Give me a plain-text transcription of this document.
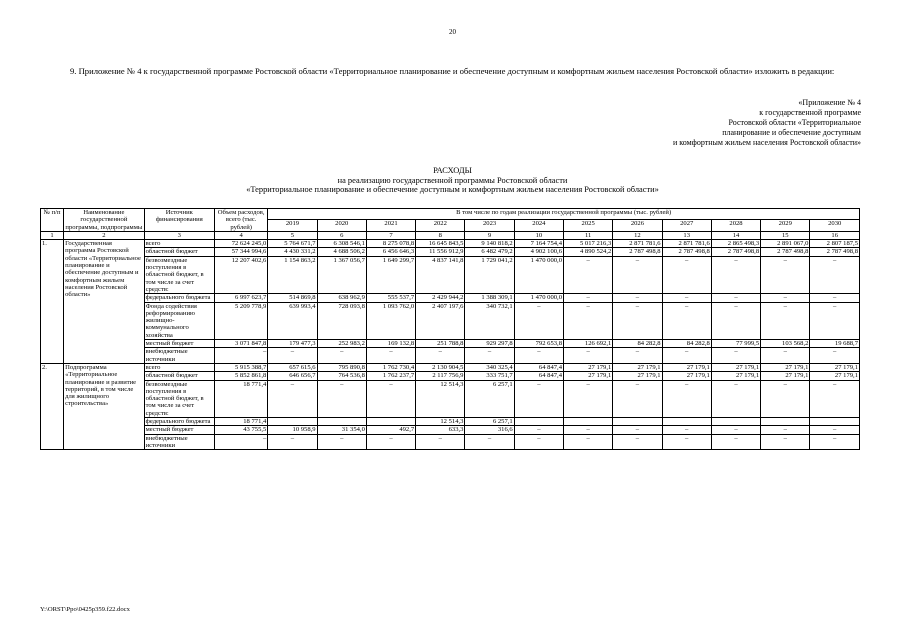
20
9. Приложение № 4 к государственной программе Ростовской области «Территориальное планирование и обеспечение доступным и комфортным жильем населения Ростовской области» изложить в редакции:
«Приложение № 4
к государственной программе
Ростовской области «Территориальное
планирование и обеспечение доступным
и комфортным жильем населения Ростовской области»
РАСХОДЫ
на реализацию государственной программы Ростовской области
«Территориальное планирование и обеспечение доступным и комфортным жильем населения Ростовской области»
№ п/п	Наименование государственной программы, подпрограммы	Источник финансирования	Объем расходов, всего (тыс. рублей)	В том числе по годам реализации государственной программы (тыс. рублей)											
				2019	2020	2021	2022	2023	2024	2025	2026	2027	2028	2029	2030
1	2	3	4	5	6	7	8	9	10	11	12	13	14	15	16
1.	Государственная программа Ростовской области «Территориальное планирование и обеспечение доступным и комфортным жильем населения Ростовской области»	всего	72 624 245,0	5 764 671,7	6 308 546,1	8 275 078,8	16 645 843,5	9 140 818,2	7 164 754,4	5 017 216,3	2 871 781,6	2 871 781,6	2 865 498,3	2 891 067,0	2 807 187,5
		областной бюджет	57 344 994,6	4 430 331,2	4 688 506,2	6 456 646,3	11 556 912,9	6 482 479,2	4 902 100,6	4 890 524,2	2 787 498,8	2 787 498,8	2 787 498,8	2 787 498,8	2 787 498,8
		безвозмездные поступления в областной бюджет, в том числе за счет средств:	12 207 402,6	1 154 863,2	1 367 056,7	1 649 299,7	4 837 141,8	1 729 041,2	1 470 000,0	–	–	–	–	–	–
		федерального бюджета	6 997 623,7	514 869,8	638 962,9	555 537,7	2 429 944,2	1 388 309,1	1 470 000,0	–	–	–	–	–	–
		Фонда содействия реформированию жилищно-коммунального хозяйства	5 209 778,9	639 993,4	728 093,8	1 093 762,0	2 407 197,6	340 732,1	–	–	–	–	–	–	–
		местный бюджет	3 071 847,8	179 477,3	252 983,2	169 132,8	251 788,8	929 297,8	792 653,8	126 692,1	84 282,8	84 282,8	77 999,5	103 568,2	19 688,7
		внебюджетные источники	–	–	–	–	–	–	–	–	–	–	–	–	–
2.	Подпрограмма «Территориальное планирование и развитие территорий, в том числе для жилищного строительства»	всего	5 915 388,7	657 615,6	795 890,8	1 762 730,4	2 130 904,5	340 325,4	64 847,4	27 179,1	27 179,1	27 179,1	27 179,1	27 179,1	27 179,1
		областной бюджет	5 852 861,8	646 656,7	764 536,8	1 762 237,7	2 117 756,9	333 751,7	64 847,4	27 179,1	27 179,1	27 179,1	27 179,1	27 179,1	27 179,1
		безвозмездные поступления в областной бюджет, в том числе за счет средств:	18 771,4	–	–	–	12 514,3	6 257,1	–	–	–	–	–	–	–
		федерального бюджета	18 771,4				12 514,3	6 257,1							
		местный бюджет	43 755,5	10 958,9	31 354,0	492,7	633,3	316,6	–	–	–	–	–	–	–
		внебюджетные источники	–	–	–	–	–	–	–	–	–	–	–	–	–
Y:\ORST\Ppo\0425p359.f22.docx
